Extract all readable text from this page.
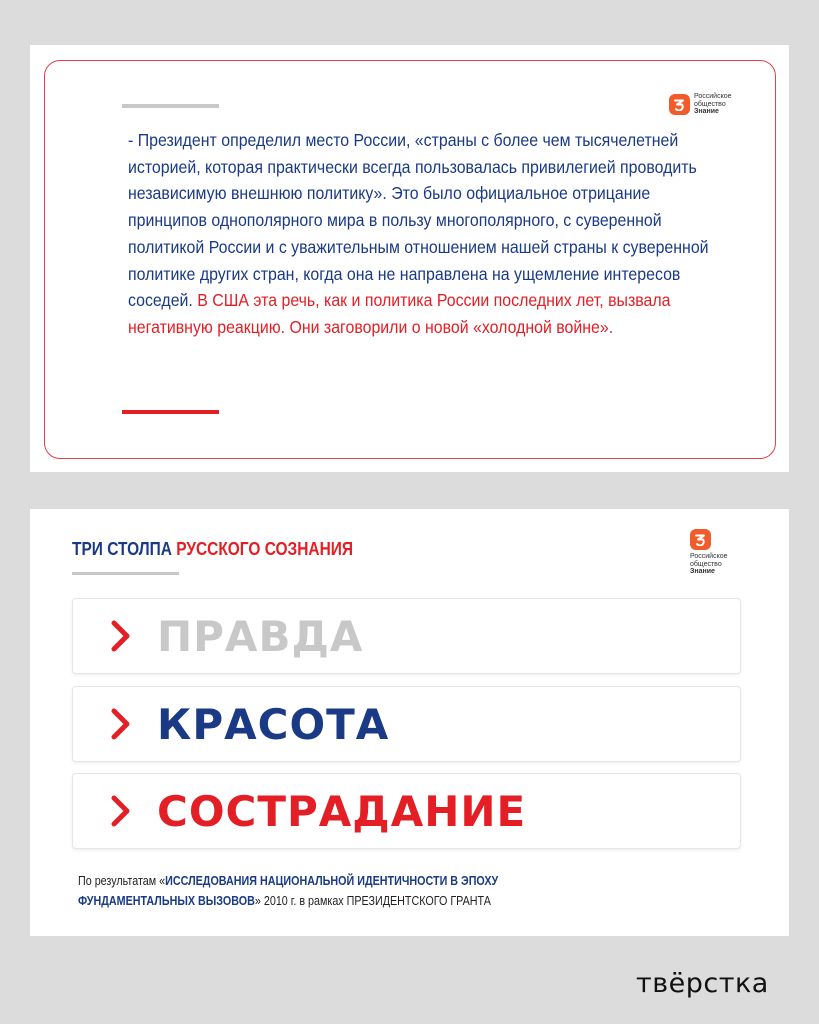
Российское
общество
Знание
- Президент определил место России, «страны с более чем тысячелетней историей, которая практически всегда пользовалась привилегией проводить независимую внешнюю политику». Это было официальное отрицание принципов однополярного мира в пользу многополярного, с суверенной политикой России и с уважительным отношением нашей страны к суверенной политике других стран, когда она не направлена на ущемление интересов соседей. В США эта речь, как и политика России последних лет, вызвала негативную реакцию. Они заговорили о новой «холодной войне».
ТРИ СТОЛПА РУССКОГО СОЗНАНИЯ	Российское
общество
Знание
ПРАВДА
КРАСОТА
СОСТРАДАНИЕ
По результатам «ИССЛЕДОВАНИЯ НАЦИОНАЛЬНОЙ ИДЕНТИЧНОСТИ В ЭПОХУ ФУНДАМЕНТАЛЬНЫХ ВЫЗОВОВ» 2010 г. в рамках ПРЕЗИДЕНТСКОГО ГРАНТА
твёрстка
